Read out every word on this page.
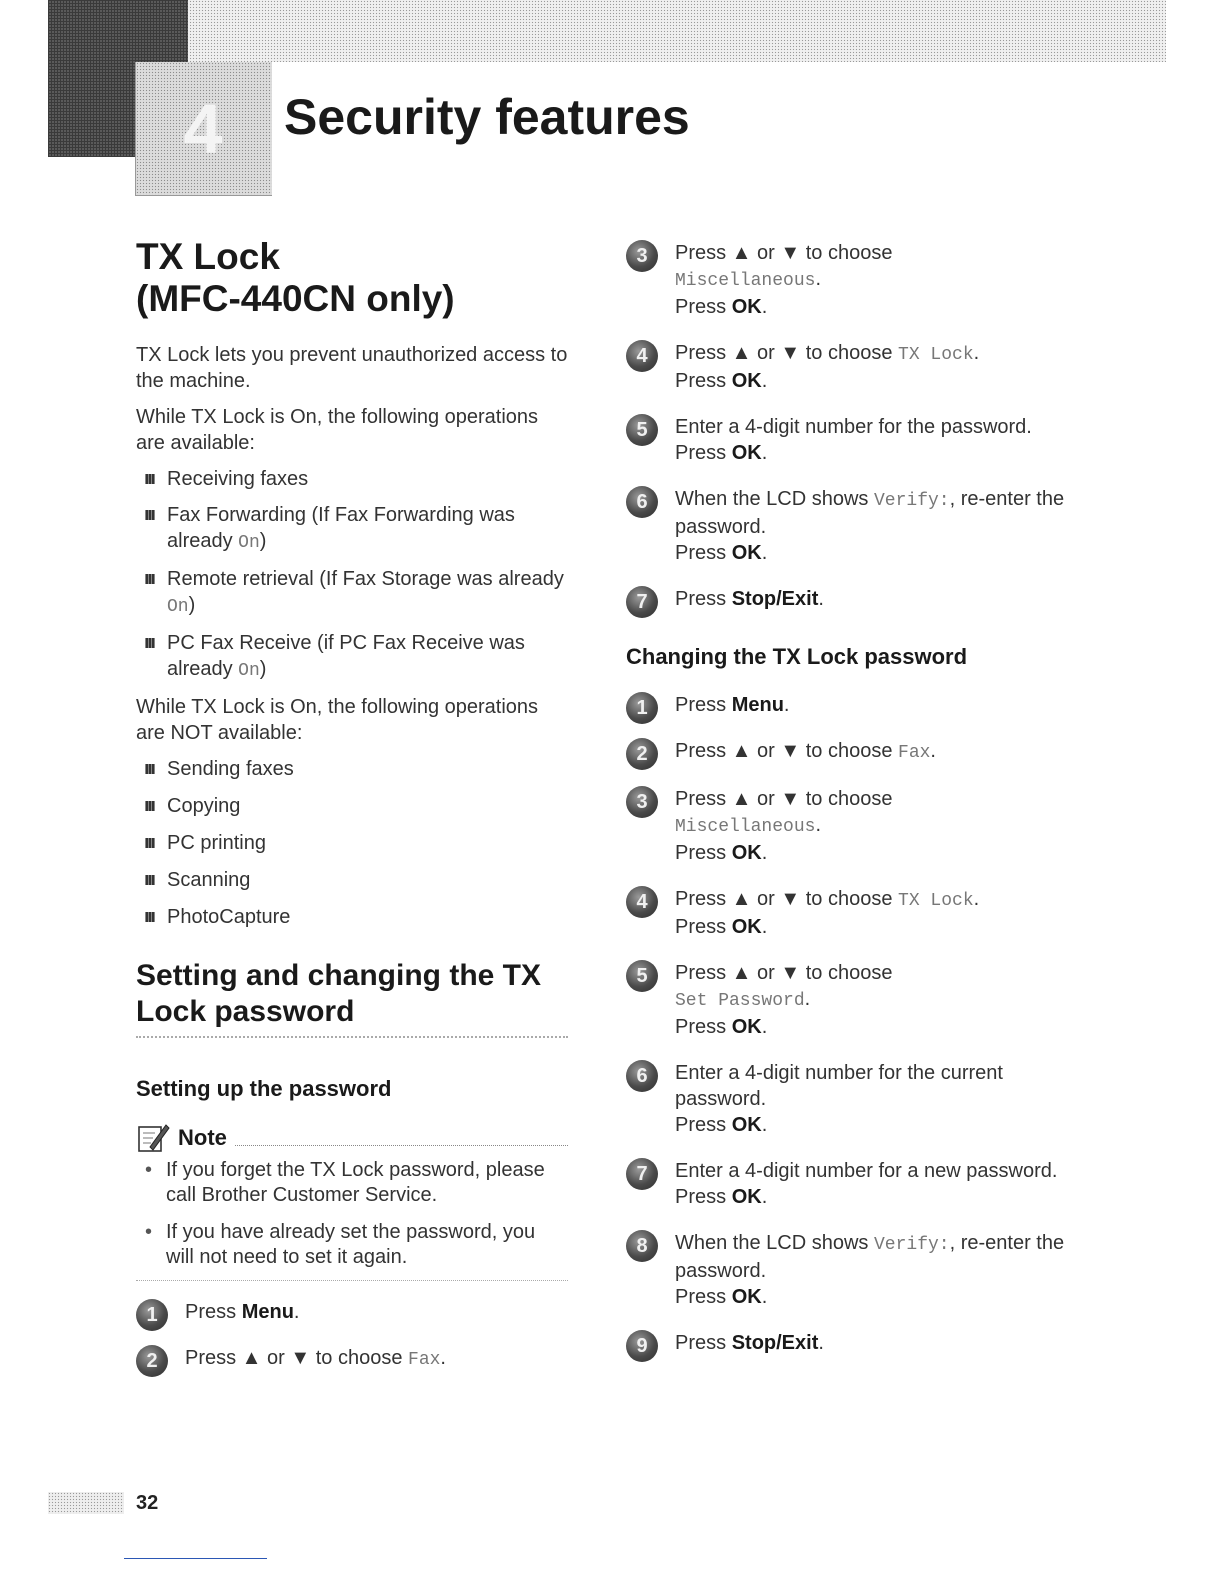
4	Security features
TX Lock
(MFC-440CN only)

TX Lock lets you prevent unauthorized access to the machine.

While TX Lock is On, the following operations are available:

Receiving faxes
Fax Forwarding (If Fax Forwarding was already On)
Remote retrieval (If Fax Storage was already On)
PC Fax Receive (if PC Fax Receive was already On)

While TX Lock is On, the following operations are NOT available:

Sending faxes
Copying
PC printing
Scanning
PhotoCapture
Setting and changing the TX Lock password
Setting up the password
Note
• If you forget the TX Lock password, please call Brother Customer Service.
• If you have already set the password, you will not need to set it again.
1	Press Menu.
2	Press ▲ or ▼ to choose Fax.
3	Press ▲ or ▼ to choose
Miscellaneous.
Press OK.
4	Press ▲ or ▼ to choose TX Lock.
Press OK.
5	Enter a 4-digit number for the password.
Press OK.
6	When the LCD shows Verify:, re-enter the password.
Press OK.
7	Press Stop/Exit.
Changing the TX Lock password
1	Press Menu.
2	Press ▲ or ▼ to choose Fax.
3	Press ▲ or ▼ to choose
Miscellaneous.
Press OK.
4	Press ▲ or ▼ to choose TX Lock.
Press OK.
5	Press ▲ or ▼ to choose
Set Password.
Press OK.
6	Enter a 4-digit number for the current password.
Press OK.
7	Enter a 4-digit number for a new password.
Press OK.
8	When the LCD shows Verify:, re-enter the password.
Press OK.
9	Press Stop/Exit.
32
